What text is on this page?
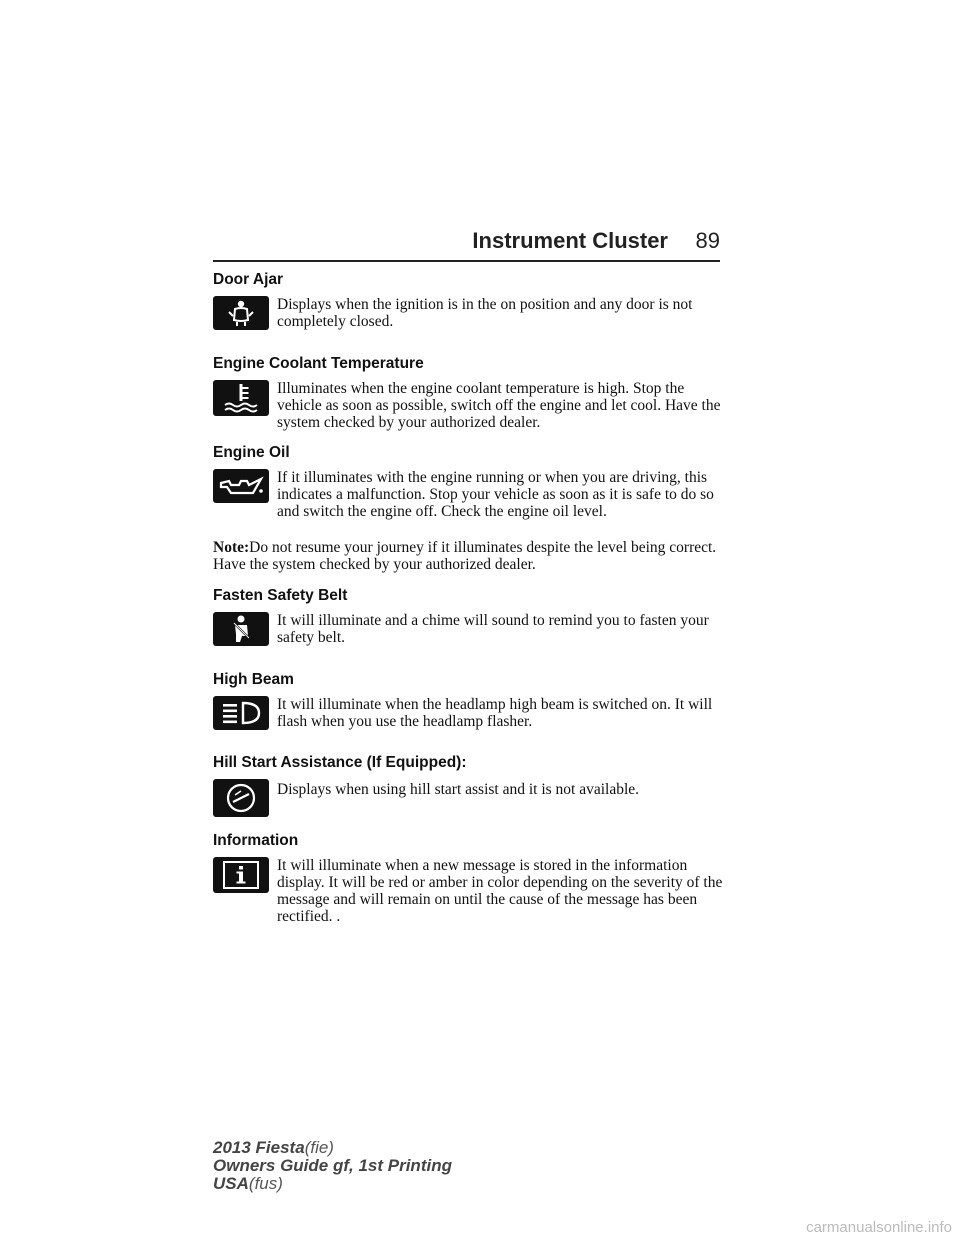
Instrument Cluster 89
Door Ajar
Displays when the ignition is in the on position and any door is not completely closed.
Engine Coolant Temperature
Illuminates when the engine coolant temperature is high. Stop the vehicle as soon as possible, switch off the engine and let cool. Have the system checked by your authorized dealer.
Engine Oil
If it illuminates with the engine running or when you are driving, this indicates a malfunction. Stop your vehicle as soon as it is safe to do so and switch the engine off. Check the engine oil level.
Note:Do not resume your journey if it illuminates despite the level being correct. Have the system checked by your authorized dealer.
Fasten Safety Belt
It will illuminate and a chime will sound to remind you to fasten your safety belt.
High Beam
It will illuminate when the headlamp high beam is switched on. It will flash when you use the headlamp flasher.
Hill Start Assistance (If Equipped):
Displays when using hill start assist and it is not available.
Information
It will illuminate when a new message is stored in the information display. It will be red or amber in color depending on the severity of the message and will remain on until the cause of the message has been rectified. .
2013 Fiesta(fie)
Owners Guide gf, 1st Printing
USA(fus)
carmanualsonline.info
